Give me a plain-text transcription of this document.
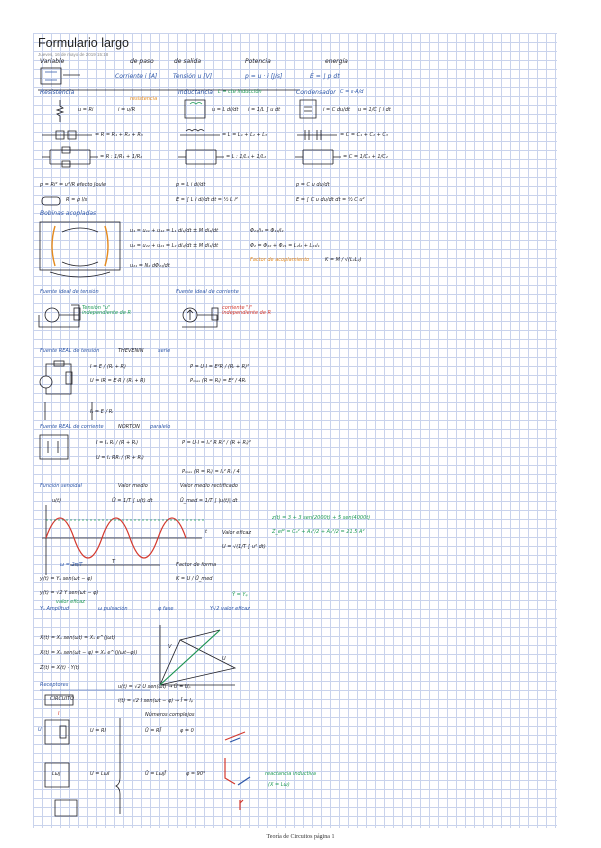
Formulario largo
Jueves, 16 de mayo de 2019 15:18
Variable	de paso	de salida	Potencia	energía
Corriente i [A]	Tensión u [V]	p = u · i [J/s]	E = ∫ p dt
Resistencia
resistencia
Inductancia L = cte inducción	Condensador C = ε·A/d
u = Ri	i = u/R	u = L di/dt i = 1/L ∫ u dt	i = C du/dt u = 1/C ∫ i dt
= R = R₁ + R₂ + R₃	= L = L₁ + L₂ + L₃	= C = C₁ + C₂ + C₃
= R : 1/R₁ + 1/R₂	= L : 1/L₁ + 1/L₂	= C = 1/C₁ + 1/C₂
p = Ri² = u²/R efecto Joule	p = L i di/dt	p = C u du/dt
R = ρ l/s	E = ∫ L i di/dt dt = ½ L i²	E = ∫ C u du/dt dt = ½ C u²
Bobinas acopladas
u₁ = u₁₁ + u₁₂ = L₁ di₁/dt ± M di₂/dt
u₂ = u₂₂ + u₂₁ = L₂ di₂/dt ± M di₁/dt
u₂₁ = N₂ dΦ₂₁/dt
Φ₂₁/i₁ = Φ₁₂/i₂
Φ₂ = Φ₂₂ + Φ₂₁ = L₂i₂ + L₂₁i₁
Factor de acoplamiento	K = M / √(L₁L₂)
Fuente ideal de tensión	Fuente ideal de corriente
Tensión "u" independiente de R
corriente "i" independiente de R
Fuente REAL de tensión	THEVENIN	serie
I = E / (Rᵢ + R)
U = IR = E·R / (Rᵢ + R)
P = U·I = E²R / (Rᵢ + R)²
Pₘₐₓ (R = Rᵢ) = E² / 4Rᵢ
Iₛ = E / Rᵢ
Fuente REAL de corriente	NORTON paralelo
I = Iₛ Rᵢ / (R + Rᵢ)
U = Iₛ RRᵢ / (R + Rᵢ)
P = U·I = Iₛ² R Rᵢ² / (R + Rᵢ)²
Pₘₐₓ (R = Rᵢ) = Iₛ² Rᵢ / 4
Función senoidal	Valor medio	Valor medio rectificado
Ū = 1/T ∫ u(t) dt	Ū_med = 1/T ∫ |u(t)| dt
u(t)
t
T
Valor eficaz
U = √(1/T ∫ u² dt)
z(t) = 3 + 3 sen(2000t) + 5 sen(4000t)
Z_ef² = C₀² + A₁²/2 + A₂²/2 = 21.5 A²
ω = 2π/T	Factor de forma
K = U / Ū_med
y(t) = Yₛ sen(ωt − φ)
y(t) = √2 Y sen(ωt − φ)
valor eficaz
Ȳ = Yᵩ
Yₛ Amplitud	ω pulsación	φ fase	Y√2 valor eficaz
X(t) = Xₛ sen(ωt) = Xₛ e^(jωt)
X(t) = Xₛ sen(ωt − φ) = Xₛ e^(j(ωt−φ))
Z(t) = X(t) · Y(t)
V
U
Receptores
CIRCUITO
u(t) = √2 U sen(ωt) → Ū = Uₚ
i(t) = √2 I sen(ωt − φ) → Ī = Iᵩ
Números complejos
U = RI	Ū = RĪ	φ = 0
U = LωI	Ū = LωjĪ	φ = 90°	reactancia inductiva
(X = Lω)
I
U
Lωj
Teoría de Circuitos página 1
